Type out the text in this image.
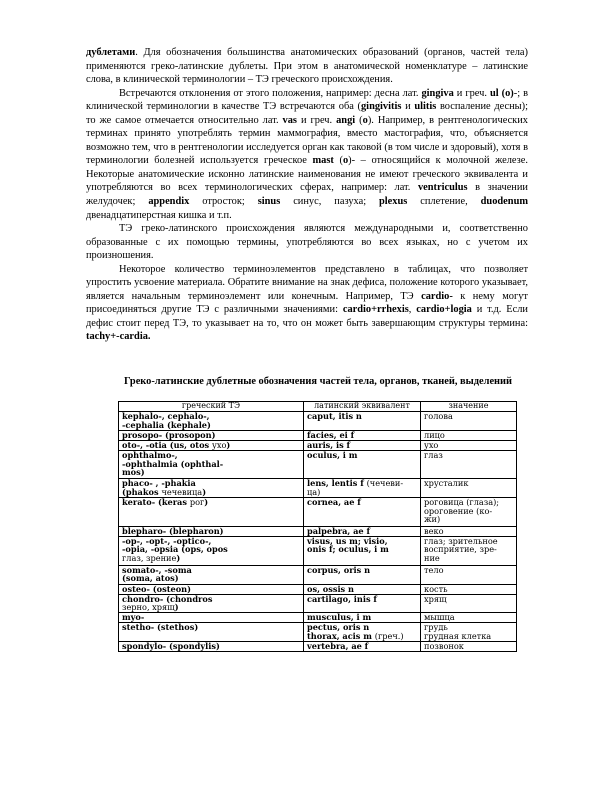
дублетами. Для обозначения большинства анатомических образований (органов, частей тела) применяются греко-латинские дублеты. При этом в анатомической номенклатуре – латинские слова, в клинической терминологии – ТЭ греческого происхождения.

Встречаются отклонения от этого положения, например: десна лат. gingiva и греч. ul (o)-; в клинической терминологии в качестве ТЭ встречаются оба (gingivitis и ulitis воспаление десны); то же самое отмечается относительно лат. vas и греч. angi (o). Например, в рентгенологических терминах принято употреблять термин маммография, вместо мастография, что, объясняется возможно тем, что в рентгенологии исследуется орган как таковой (в том числе и здоровый), хотя в терминологии болезней используется греческое mast (o)- – относящийся к молочной железе. Некоторые анатомические исконно латинские наименования не имеют греческого эквивалента и употребляются во всех терминологических сферах, например: лат. ventriculus в значении желудочек; appendix отросток; sinus синус, пазуха; plexus сплетение, duodenum двенадцатиперстная кишка и т.п.

ТЭ греко-латинского происхождения являются международными и, соответственно образованные с их помощью термины, употребляются во всех языках, но с учетом их произношения.

Некоторое количество терминоэлементов представлено в таблицах, что позволяет упростить усвоение материала. Обратите внимание на знак дефиса, положение которого указывает, является начальным терминоэлемент или конечным. Например, ТЭ cardio- к нему могут присоединяться другие ТЭ с различными значениями: cardio+rrhexis, cardio+logia и т.д. Если дефис стоит перед ТЭ, то указывает на то, что он может быть завершающим структуры термина: tachy+-cardia.

Греко-латинские дублетные обозначения частей тела, органов, тканей, выделений
греческий ТЭ	латинский эквивалент	значение
kephalo-, cephalo-,
-cephalia (kephale)	caput, itis n	голова
prosopo- (prosopon)	facies, ei f	лицо
oto-, -otia (us, otos ухо)	auris, is f	ухо
ophthalmo-,
-ophthalmia (ophthal-
mos)	oculus, i m	глаз
phaco- , -phakia
(phakos чечевица)	lens, lentis f (чечеви-
ца)	хрусталик
kerato- (keras рог)	cornea, ae f	роговица (глаза);
ороговение (ко-
жи)
blepharo- (blepharon)	palpebra, ae f	веко
-op-, -opt-, -optico-,
-opia, -opsia (ops, opos
глаз, зрение)	visus, us m; visio,
onis f; oculus, i m	глаз; зрительное
восприятие, зре-
ние
somato-, -soma
(soma, atos)	corpus, oris n	тело
osteo- (osteon)	os, ossis n	кость
chondro- (chondros
зерно, хрящ)	cartilago, inis f	хрящ
myo-	musculus, i m	мышца
stetho- (stethos)	pectus, oris n
thorax, acis m (греч.)	грудь
грудная клетка
spondylo- (spondylis)	vertebra, ae f	позвонок
